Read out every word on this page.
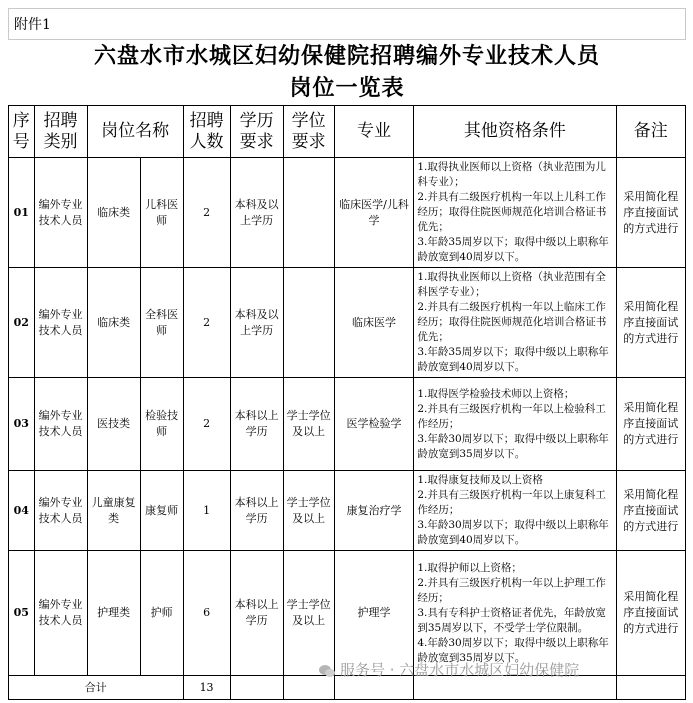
附件1
六盘水市水城区妇幼保健院招聘编外专业技术人员
岗位一览表
序号	招聘类别	岗位名称		招聘人数	学历要求	学位要求	专业	其他资格条件	备注
01	编外专业技术人员	临床类	儿科医师	2	本科及以上学历		临床医学/儿科学	1.取得执业医师以上资格（执业范围为儿科专业）；
2.并具有二级医疗机构一年以上儿科工作经历；取得住院医师规范化培训合格证书优先；
3.年龄35周岁以下；取得中级以上职称年龄放宽到40周岁以下。	采用简化程序直接面试的方式进行
02	编外专业技术人员	临床类	全科医师	2	本科及以上学历		临床医学	1.取得执业医师以上资格（执业范围有全科医学专业）；
2.并具有二级医疗机构一年以上临床工作经历；取得住院医师规范化培训合格证书优先；
3.年龄35周岁以下；取得中级以上职称年龄放宽到40周岁以下。	采用简化程序直接面试的方式进行
03	编外专业技术人员	医技类	检验技师	2	本科以上学历	学士学位及以上	医学检验学	1.取得医学检验技术师以上资格；
2.并具有三级医疗机构一年以上检验科工作经历；
3.年龄30周岁以下；取得中级以上职称年龄放宽到35周岁以下。	采用简化程序直接面试的方式进行
04	编外专业技术人员	儿童康复类	康复师	1	本科以上学历	学士学位及以上	康复治疗学	1.取得康复技师及以上资格
2.并具有三级医疗机构一年以上康复科工作经历；
3.年龄30周岁以下；取得中级以上职称年龄放宽到40周岁以下。	采用简化程序直接面试的方式进行
05	编外专业技术人员	护理类	护师	6	本科以上学历	学士学位及以上	护理学	1.取得护师以上资格；
2.并具有三级医疗机构一年以上护理工作经历；
3.具有专科护士资格证者优先，年龄放宽到35周岁以下，不受学士学位限制。
4.年龄30周岁以下；取得中级以上职称年龄放宽到35周岁以下。	采用简化程序直接面试的方式进行
合计				13					
服务号 · 六盘水市水城区妇幼保健院
